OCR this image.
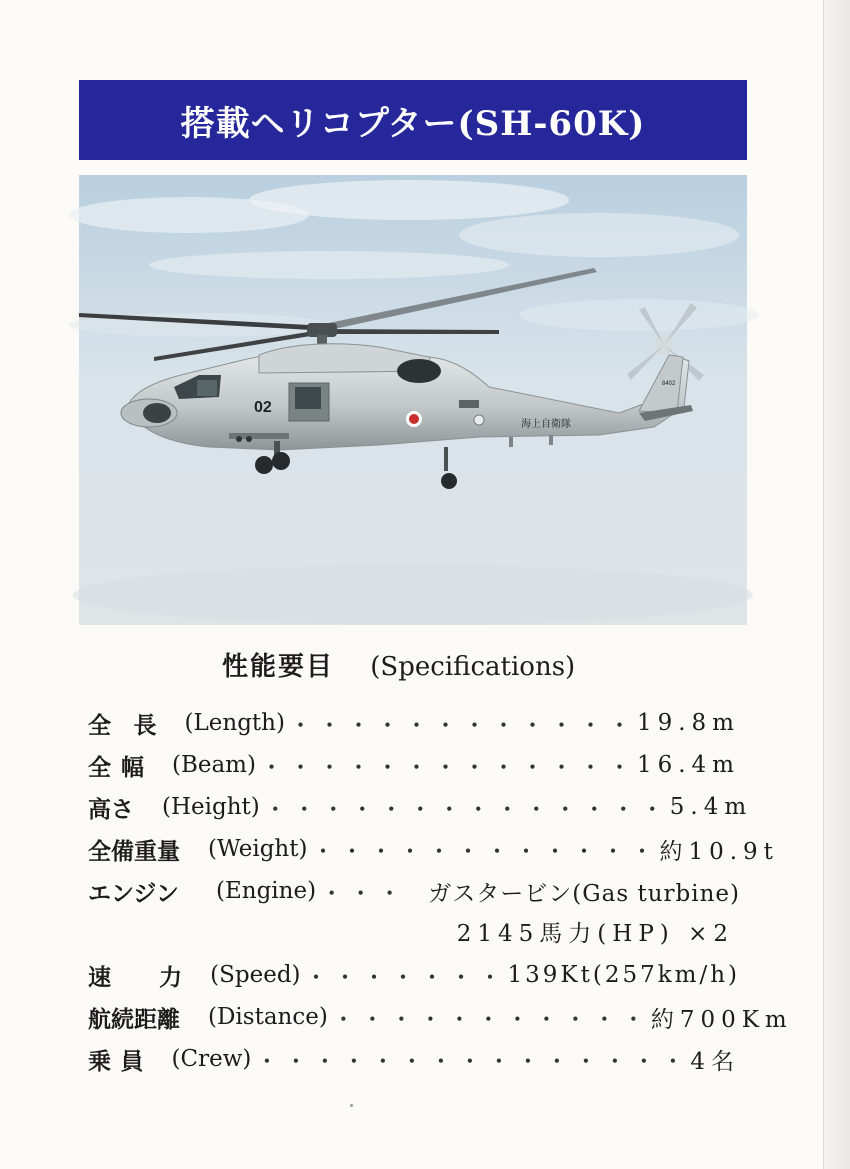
搭載ヘリコプター(SH-60K)
02
海上自衛隊
8402
性能要目 (Specifications)
全 長 (Length) ・・・・・・・・・・・・ 19.8m
全 幅 (Beam) ・・・・・・・・・・・・・ 16.4m
高 さ (Height) ・・・・・・・・・・・・・・ 5.4m
全備重量 (Weight) ・・・・・・・・・・・・ 約10.9t
エンジン	(Engine) ・・・ ガスタービン(Gas turbine)
2145馬力(HP) ×2
速 力 (Speed) ・・・・・・・ 139Kt(257km/h)
航続距離 (Distance) ・・・・・・・・・・・ 約700Km
乗 員 (Crew) ・・・・・・・・・・・・・・・ 4名
